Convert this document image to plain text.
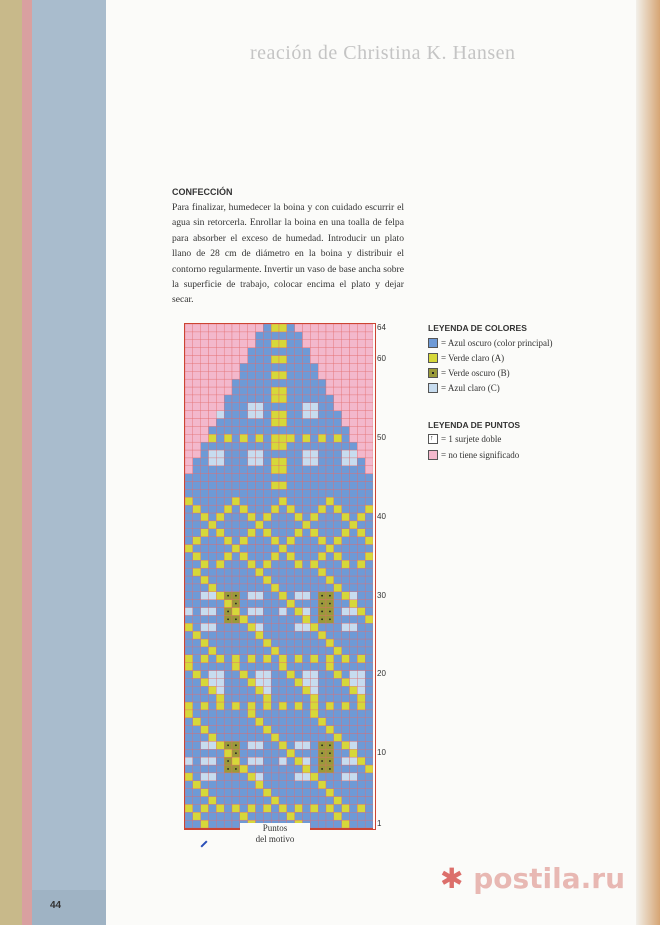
44
reación de Christina K. Hansen
CONFECCIÓN
Para finalizar, humedecer la boina y con cuidado escurrir el agua sin retorcerla. Enrollar la boina en una toalla de felpa para absorber el exceso de humedad. Introducir un plato llano de 28 cm de diámetro en la boina y distribuir el contorno regularmente. Invertir un vaso de base ancha sobre la superficie de trabajo, colocar encima el plato y dejar secar.
64
60
50
40
30
20
10
1
Puntos
del motivo
LEYENDA DE COLORES
= Azul oscuro (color principal)
= Verde claro (A)
= Verde oscuro (B)
= Azul claro (C)
LEYENDA DE PUNTOS
↑
= 1 surjete doble
= no tiene significado
✱ postila.ru
